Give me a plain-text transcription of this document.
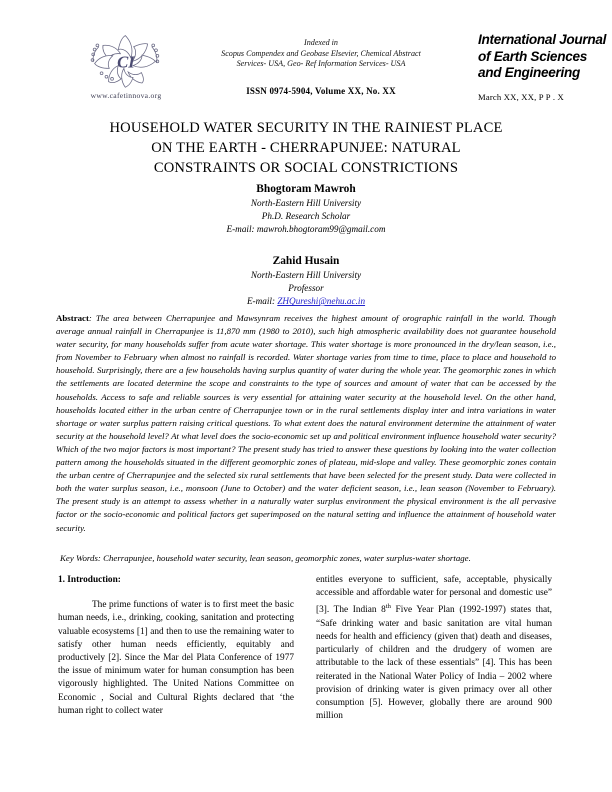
CI
www.cafetinnova.org
Indexed in
Scopus Compendex and Geobase Elsevier, Chemical Abstract
Services- USA, Geo- Ref Information Services- USA
ISSN 0974-5904, Volume XX, No. XX
International Journal
of Earth Sciences
and Engineering
March XX, XX, P P . X
HOUSEHOLD WATER SECURITY IN THE RAINIEST PLACE
ON THE EARTH - CHERRAPUNJEE: NATURAL
CONSTRAINTS OR SOCIAL CONSTRICTIONS
Bhogtoram Mawroh
North-Eastern Hill University
Ph.D. Research Scholar
E-mail: mawroh.bhogtoram99@gmail.com
Zahid Husain
North-Eastern Hill University
Professor
E-mail: ZHQureshi@nehu.ac.in
Abstract: The area between Cherrapunjee and Mawsynram receives the highest amount of orographic rainfall in the world. Though average annual rainfall in Cherrapunjee is 11,870 mm (1980 to 2010), such high atmospheric availability does not guarantee household water security, for many households suffer from acute water shortage. This water shortage is more pronounced in the dry/lean season, i.e., from November to February when almost no rainfall is recorded. Water shortage varies from time to time, place to place and household to household. Surprisingly, there are a few households having surplus quantity of water during the whole year. The geomorphic zones in which the settlements are located determine the scope and constraints to the type of sources and amount of water that can be accessed by the households. Access to safe and reliable sources is very essential for attaining water security at the household level. On the other hand, households located either in the urban centre of Cherrapunjee town or in the rural settlements display inter and intra variations in water shortage or water surplus pattern raising critical questions. To what extent does the natural environment determine the attainment of water security at the household level? At what level does the socio-economic set up and political environment influence household water security? Which of the two major factors is most important? The present study has tried to answer these questions by looking into the water collection pattern among the households situated in the different geomorphic zones of plateau, mid-slope and valley. These geomorphic zones contain the urban centre of Cherrapunjee and the selected six rural settlements that have been selected for the present study. Data were collected in both the water surplus season, i.e., monsoon (June to October) and the water deficient season, i.e., lean season (November to February). The present study is an attempt to assess whether in a naturally water surplus environment the physical environment is the all pervasive factor or the socio-economic and political factors get superimposed on the natural setting and influence the attainment of household water security.
Key Words: Cherrapunjee, household water security, lean season, geomorphic zones, water surplus-water shortage.
1. Introduction:

The prime functions of water is to first meet the basic human needs, i.e., drinking, cooking, sanitation and protecting valuable ecosystems [1] and then to use the remaining water to satisfy other human needs efficiently, equitably and productively [2]. Since the Mar del Plata Conference of 1977 the issue of minimum water for human consumption has been vigorously highlighted. The United Nations Committee on Economic , Social and Cultural Rights declared that ‘the human right to collect water

entitles everyone to sufficient, safe, acceptable, physically accessible and affordable water for personal and domestic use” [3]. The Indian 8th Five Year Plan (1992-1997) states that, “Safe drinking water and basic sanitation are vital human needs for health and efficiency (given that) death and diseases, particularly of children and the drudgery of women are attributable to the lack of these essentials” [4]. This has been reiterated in the National Water Policy of India – 2002 where provision of drinking water is given primacy over all other consumption [5]. However, globally there are around 900 million
